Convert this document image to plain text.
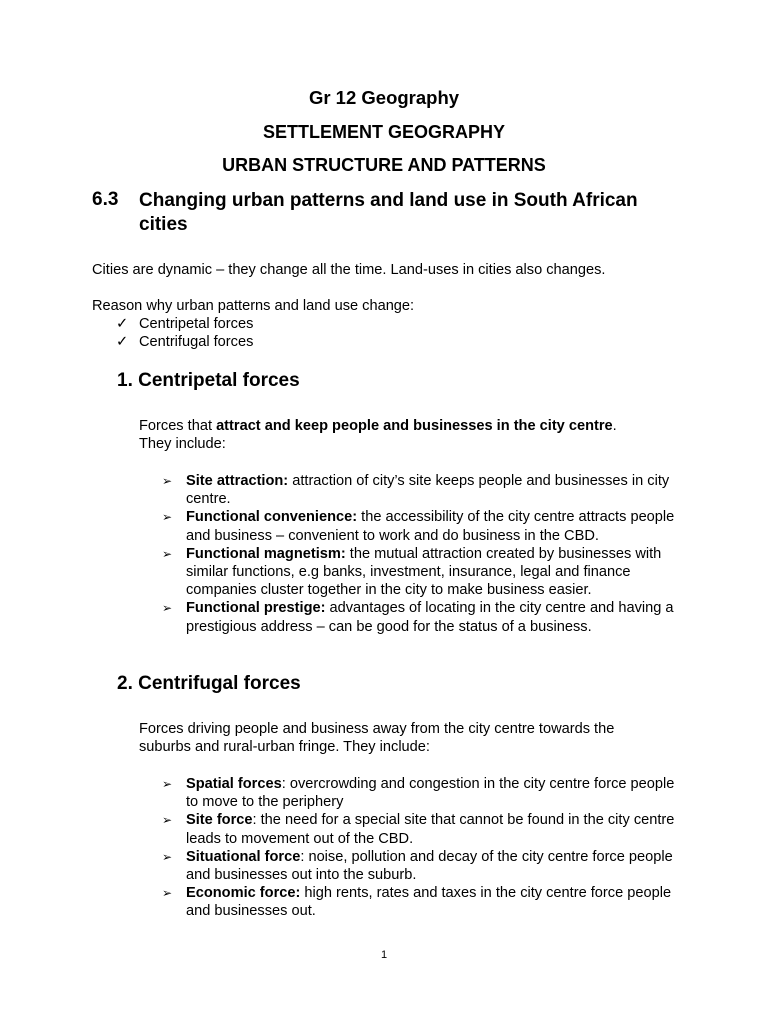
Gr 12 Geography
SETTLEMENT GEOGRAPHY
URBAN STRUCTURE AND PATTERNS
6.3 Changing urban patterns and land use in South African cities
Cities are dynamic – they change all the time. Land-uses in cities also changes.
Reason why urban patterns and land use change:
✓ Centripetal forces
✓ Centrifugal forces
1. Centripetal forces
Forces that attract and keep people and businesses in the city centre.
They include:
➢ Site attraction: attraction of city’s site keeps people and businesses in city centre.
➢ Functional convenience: the accessibility of the city centre attracts people and business – convenient to work and do business in the CBD.
➢ Functional magnetism: the mutual attraction created by businesses with similar functions, e.g banks, investment, insurance, legal and finance companies cluster together in the city to make business easier.
➢ Functional prestige: advantages of locating in the city centre and having a prestigious address – can be good for the status of a business.
2. Centrifugal forces
Forces driving people and business away from the city centre towards the suburbs and rural-urban fringe. They include:
➢ Spatial forces: overcrowding and congestion in the city centre force people to move to the periphery
➢ Site force: the need for a special site that cannot be found in the city centre leads to movement out of the CBD.
➢ Situational force: noise, pollution and decay of the city centre force people and businesses out into the suburb.
➢ Economic force: high rents, rates and taxes in the city centre force people and businesses out.
1
